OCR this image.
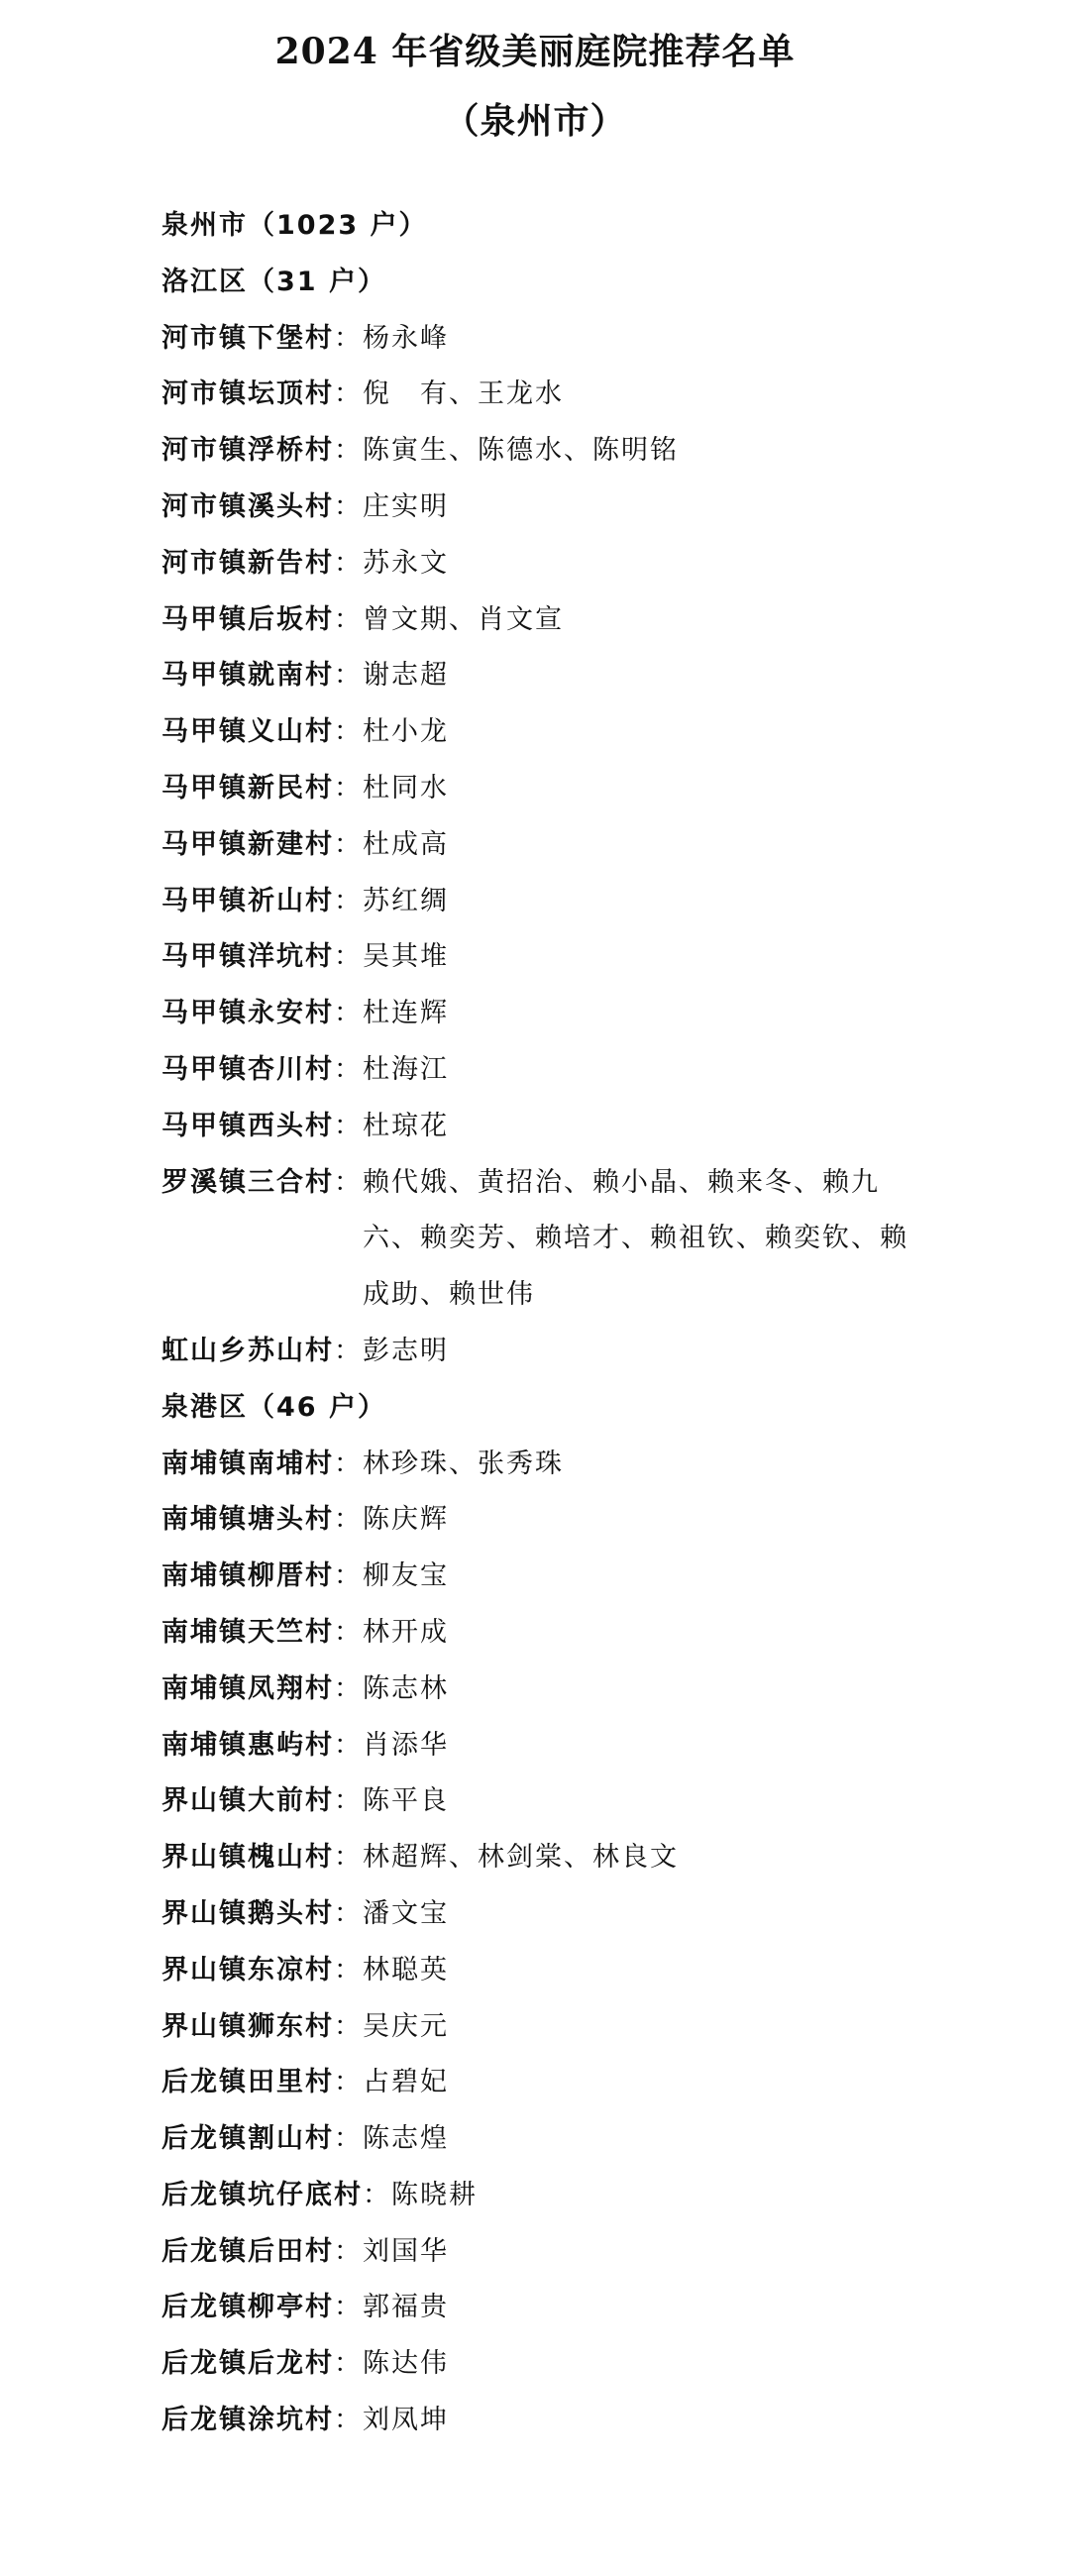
2024 年省级美丽庭院推荐名单
（泉州市）
泉州市（1023 户）
洛江区（31 户）
河市镇下堡村 ： 杨永峰
河市镇坛顶村 ： 倪　有、王龙水
河市镇浮桥村 ： 陈寅生、陈德水、陈明铭
河市镇溪头村 ： 庄实明
河市镇新告村 ： 苏永文
马甲镇后坂村 ： 曾文期、肖文宣
马甲镇就南村 ： 谢志超
马甲镇义山村 ： 杜小龙
马甲镇新民村 ： 杜同水
马甲镇新建村 ： 杜成高
马甲镇祈山村 ： 苏红绸
马甲镇洋坑村 ： 吴其堆
马甲镇永安村 ： 杜连辉
马甲镇杏川村 ： 杜海江
马甲镇西头村 ： 杜琼花
罗溪镇三合村 ： 赖代娥、黄招治、赖小晶、赖来冬、赖九六、赖奕芳、赖培才、赖祖钦、赖奕钦、赖成助、赖世伟
虹山乡苏山村 ： 彭志明
泉港区（46 户）
南埔镇南埔村 ： 林珍珠、张秀珠
南埔镇塘头村 ： 陈庆辉
南埔镇柳厝村 ： 柳友宝
南埔镇天竺村 ： 林开成
南埔镇凤翔村 ： 陈志林
南埔镇惠屿村 ： 肖添华
界山镇大前村 ： 陈平良
界山镇槐山村 ： 林超辉、林剑棠、林良文
界山镇鹅头村 ： 潘文宝
界山镇东凉村 ： 林聪英
界山镇狮东村 ： 吴庆元
后龙镇田里村 ： 占碧妃
后龙镇割山村 ： 陈志煌
后龙镇坑仔底村 ： 陈晓耕
后龙镇后田村 ： 刘国华
后龙镇柳亭村 ： 郭福贵
后龙镇后龙村 ： 陈达伟
后龙镇涂坑村 ： 刘凤坤
